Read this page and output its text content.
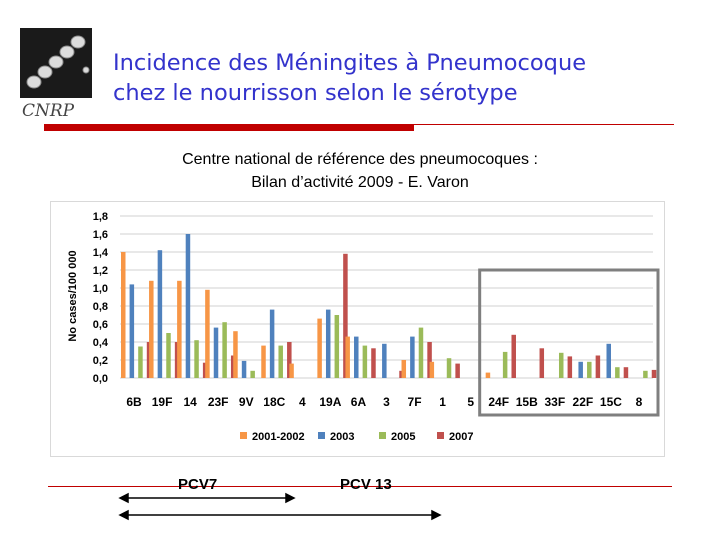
CNRP
Incidence des Méningites à Pneumocoque
chez le nourrisson selon le sérotype
Centre national de référence des pneumocoques :
Bilan d’activité 2009 - E. Varon
0,0
0,2
0,4
0,6
0,8
1,0
1,2
1,4
1,6
1,8
No cases/100 000
6B 19F 14 23F 9V 18C 4 19A 6A 3 7F 1 5 24F 15B 33F 22F 15C 8
2001-2002 2003	2005	2007
PCV7	PCV 13
